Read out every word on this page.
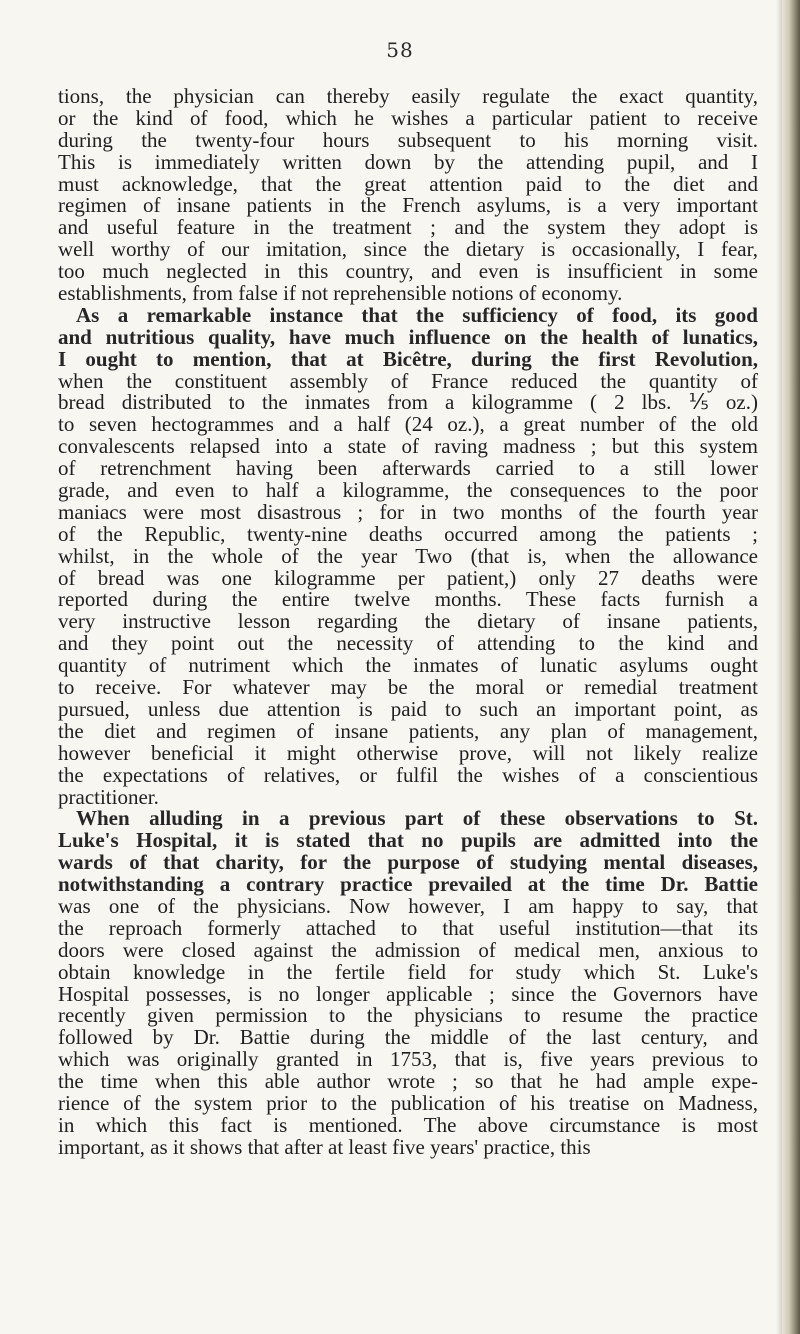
58
tions, the physician can thereby easily regulate the exact quantity,
or the kind of food, which he wishes a particular patient to receive
during the twenty-four hours subsequent to his morning visit.
This is immediately written down by the attending pupil, and I
must acknowledge, that the great attention paid to the diet and
regimen of insane patients in the French asylums, is a very important
and useful feature in the treatment ; and the system they adopt is
well worthy of our imitation, since the dietary is occasionally, I fear,
too much neglected in this country, and even is insufficient in some
establishments, from false if not reprehensible notions of economy.
As a remarkable instance that the sufficiency of food, its good
and nutritious quality, have much influence on the health of lunatics,
I ought to mention, that at Bicêtre, during the first Revolution,
when the constituent assembly of France reduced the quantity of
bread distributed to the inmates from a kilogramme ( 2 lbs. ⅕ oz.)
to seven hectogrammes and a half (24 oz.), a great number of the old
convalescents relapsed into a state of raving madness ; but this system
of retrenchment having been afterwards carried to a still lower
grade, and even to half a kilogramme, the consequences to the poor
maniacs were most disastrous ; for in two months of the fourth year
of the Republic, twenty-nine deaths occurred among the patients ;
whilst, in the whole of the year Two (that is, when the allowance
of bread was one kilogramme per patient,) only 27 deaths were
reported during the entire twelve months. These facts furnish a
very instructive lesson regarding the dietary of insane patients,
and they point out the necessity of attending to the kind and
quantity of nutriment which the inmates of lunatic asylums ought
to receive. For whatever may be the moral or remedial treatment
pursued, unless due attention is paid to such an important point, as
the diet and regimen of insane patients, any plan of management,
however beneficial it might otherwise prove, will not likely realize
the expectations of relatives, or fulfil the wishes of a conscientious
practitioner.
When alluding in a previous part of these observations to St.
Luke's Hospital, it is stated that no pupils are admitted into the
wards of that charity, for the purpose of studying mental diseases,
notwithstanding a contrary practice prevailed at the time Dr. Battie
was one of the physicians. Now however, I am happy to say, that
the reproach formerly attached to that useful institution—that its
doors were closed against the admission of medical men, anxious to
obtain knowledge in the fertile field for study which St. Luke's
Hospital possesses, is no longer applicable ; since the Governors have
recently given permission to the physicians to resume the practice
followed by Dr. Battie during the middle of the last century, and
which was originally granted in 1753, that is, five years previous to
the time when this able author wrote ; so that he had ample expe-
rience of the system prior to the publication of his treatise on Madness,
in which this fact is mentioned. The above circumstance is most
important, as it shows that after at least five years' practice, this
